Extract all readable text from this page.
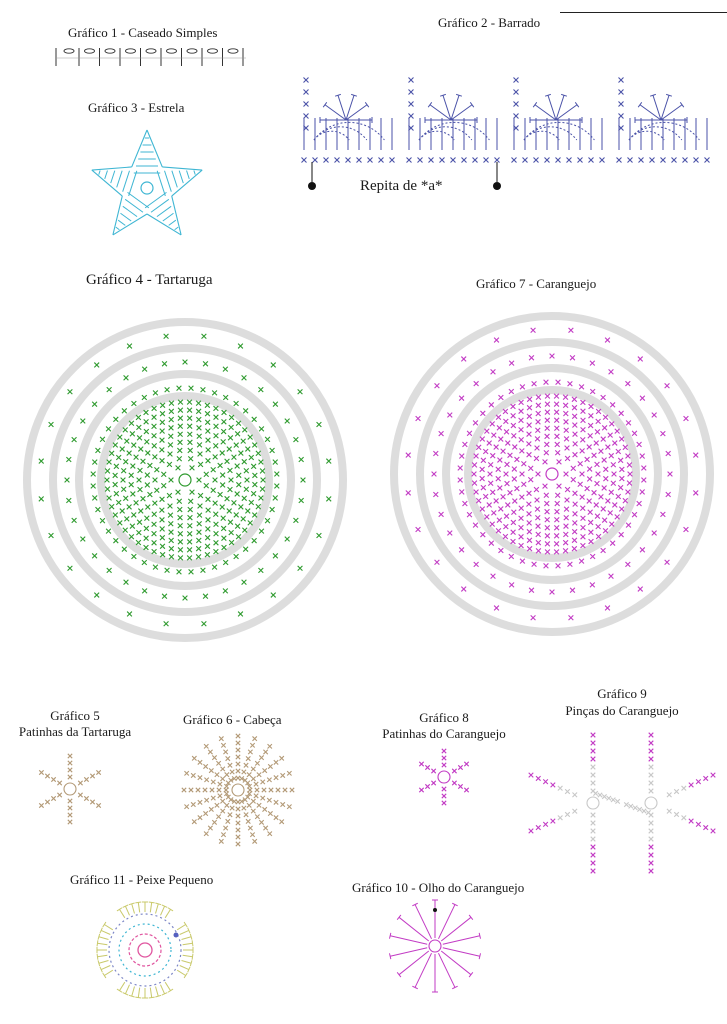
Gráfico 1 - Caseado Simples
Gráfico 2 - Barrado
Repita de *a*
Gráfico 3 - Estrela
Gráfico 4 - Tartaruga	Gráfico 7 - Caranguejo
Gráfico 5
Patinhas da Tartaruga
Gráfico 6 - Cabeça	Gráfico 8
Patinhas do Caranguejo
Gráfico 9
Pinças do Caranguejo
Gráfico 11 - Peixe Pequeno
Gráfico 10 - Olho do Caranguejo
